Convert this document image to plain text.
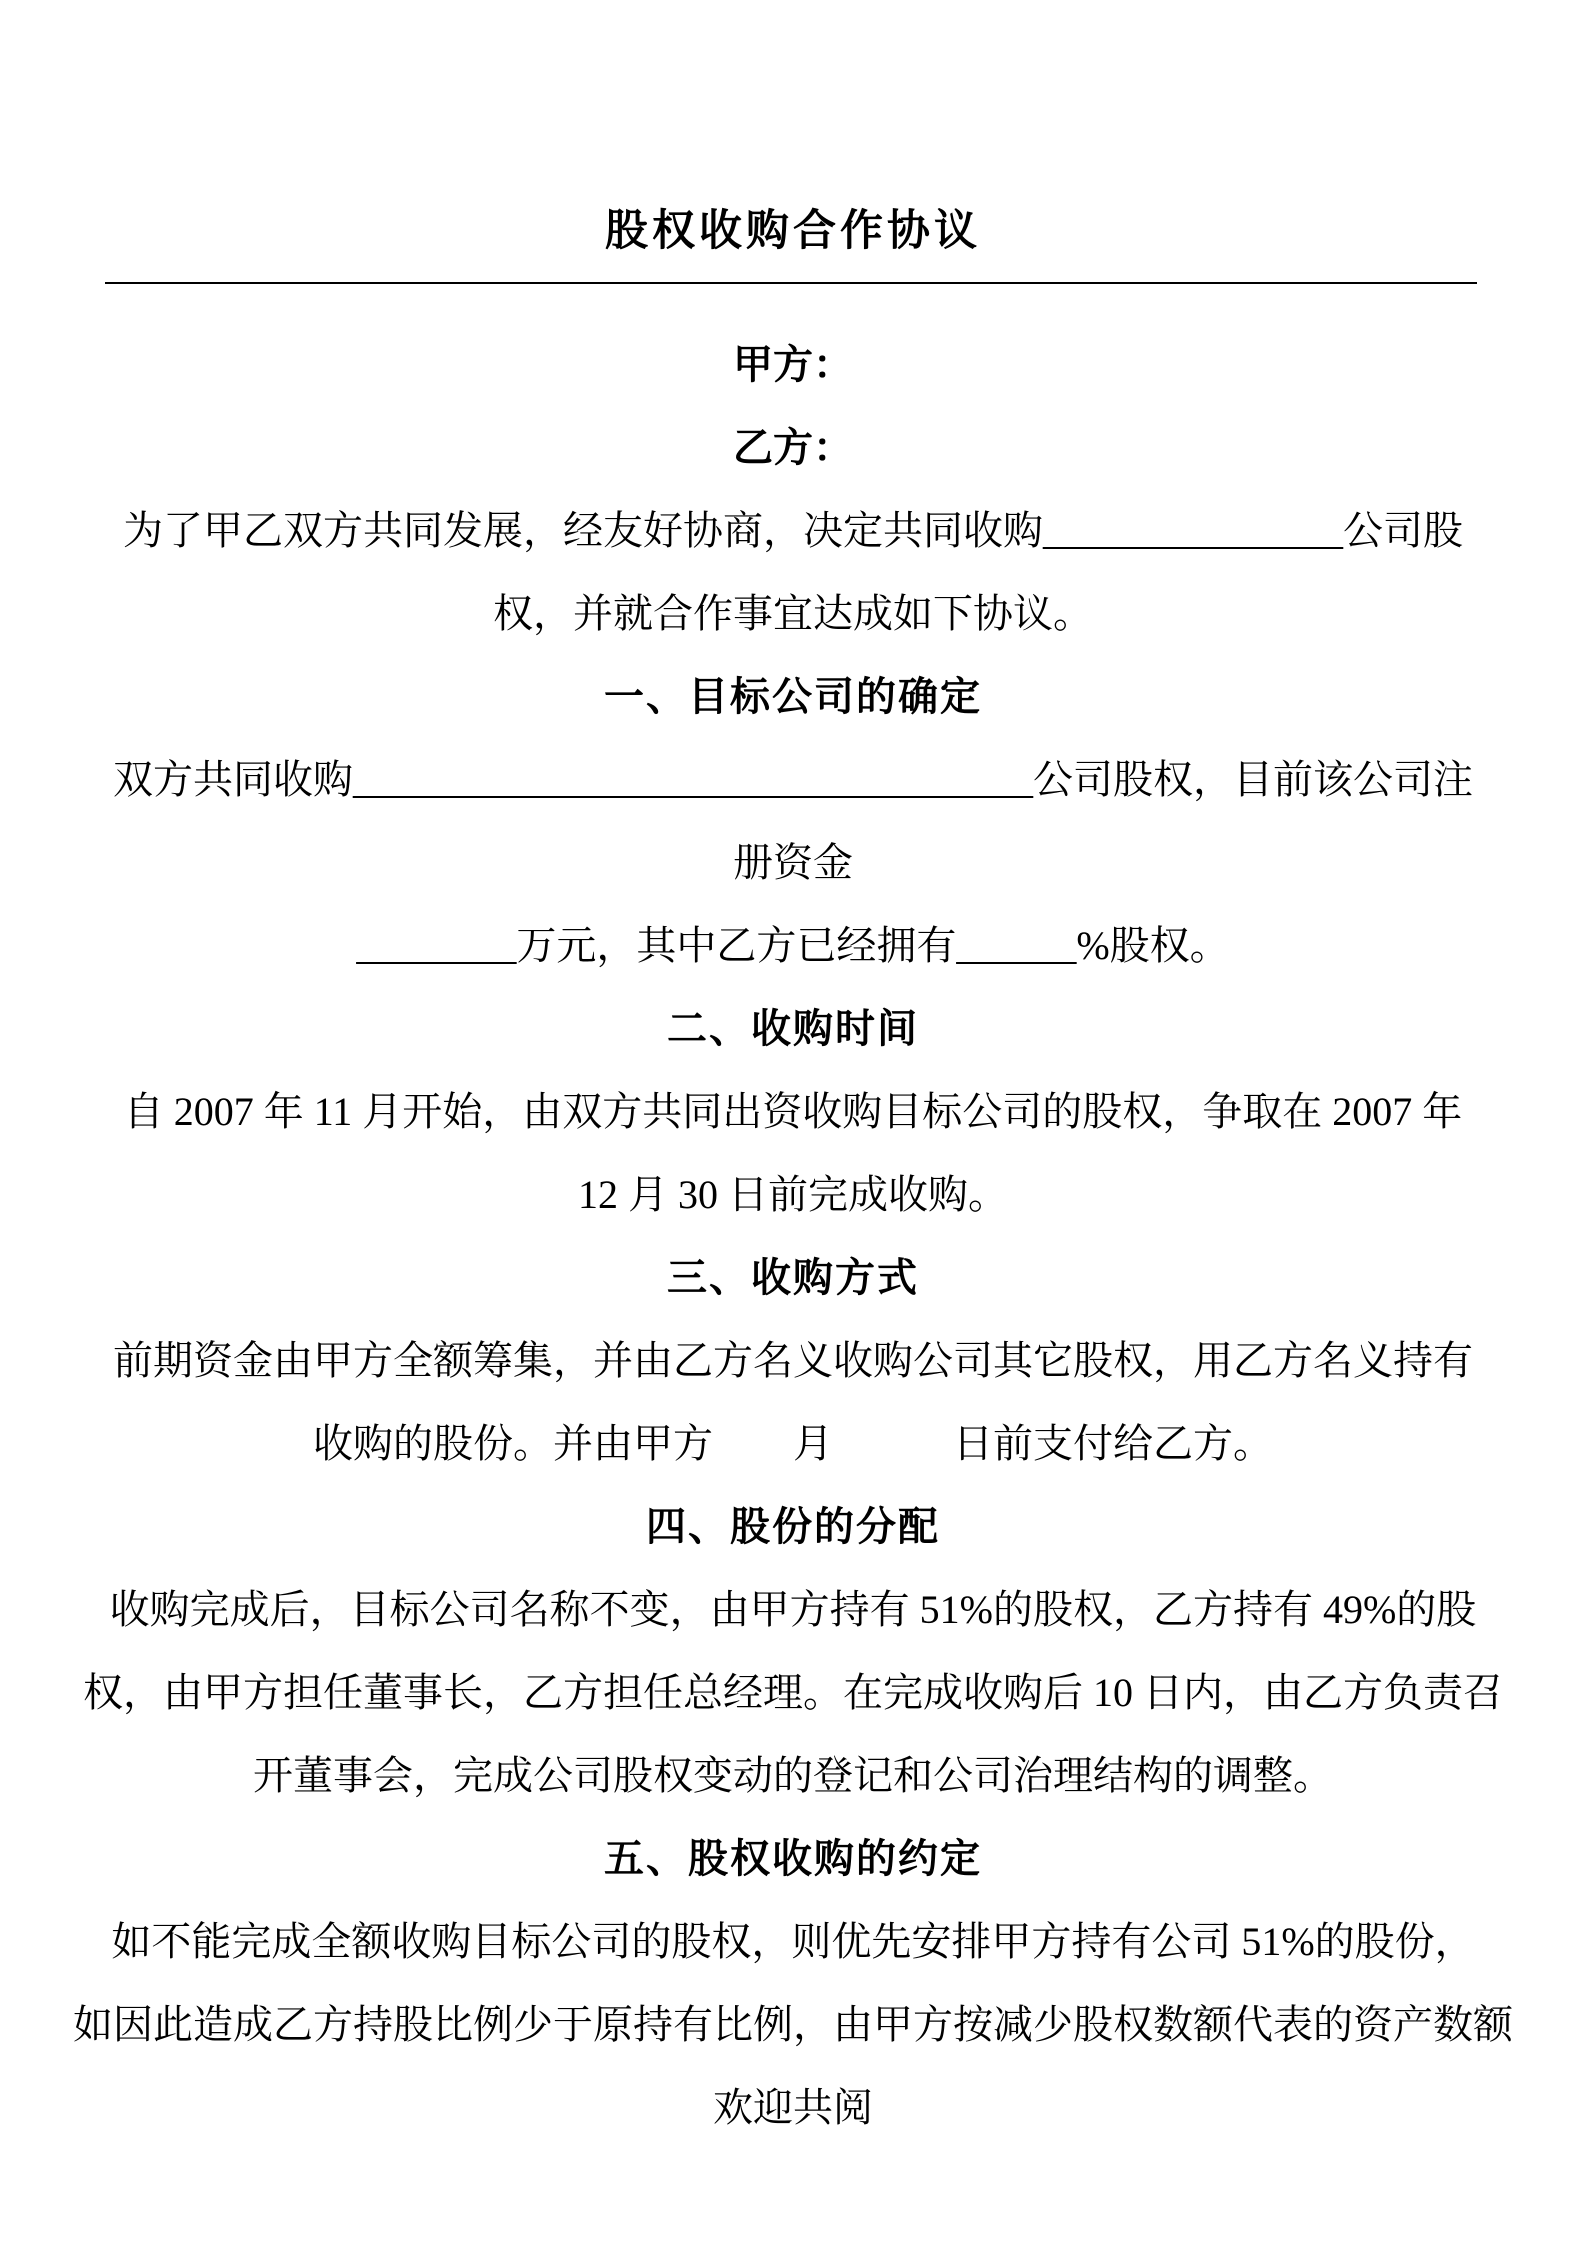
股权收购合作协议
甲方：
乙方：
为了甲乙双方共同发展，经友好协商，决定共同收购_______________公司股
权，并就合作事宜达成如下协议。
一、目标公司的确定
双方共同收购__________________________________公司股权，目前该公司注
册资金
________万元，其中乙方已经拥有______%股权。
二、收购时间
自 2007 年 11 月开始，由双方共同出资收购目标公司的股权，争取在 2007 年
12 月 30 日前完成收购。
三、收购方式
前期资金由甲方全额筹集，并由乙方名义收购公司其它股权，用乙方名义持有
收购的股份。并由甲方　　月　　　日前支付给乙方。
四、股份的分配
收购完成后，目标公司名称不变，由甲方持有 51%的股权，乙方持有 49%的股
权，由甲方担任董事长，乙方担任总经理。在完成收购后 10 日内，由乙方负责召
开董事会，完成公司股权变动的登记和公司治理结构的调整。
五、股权收购的约定
如不能完成全额收购目标公司的股权，则优先安排甲方持有公司 51%的股份，
如因此造成乙方持股比例少于原持有比例，由甲方按减少股权数额代表的资产数额
欢迎共阅
